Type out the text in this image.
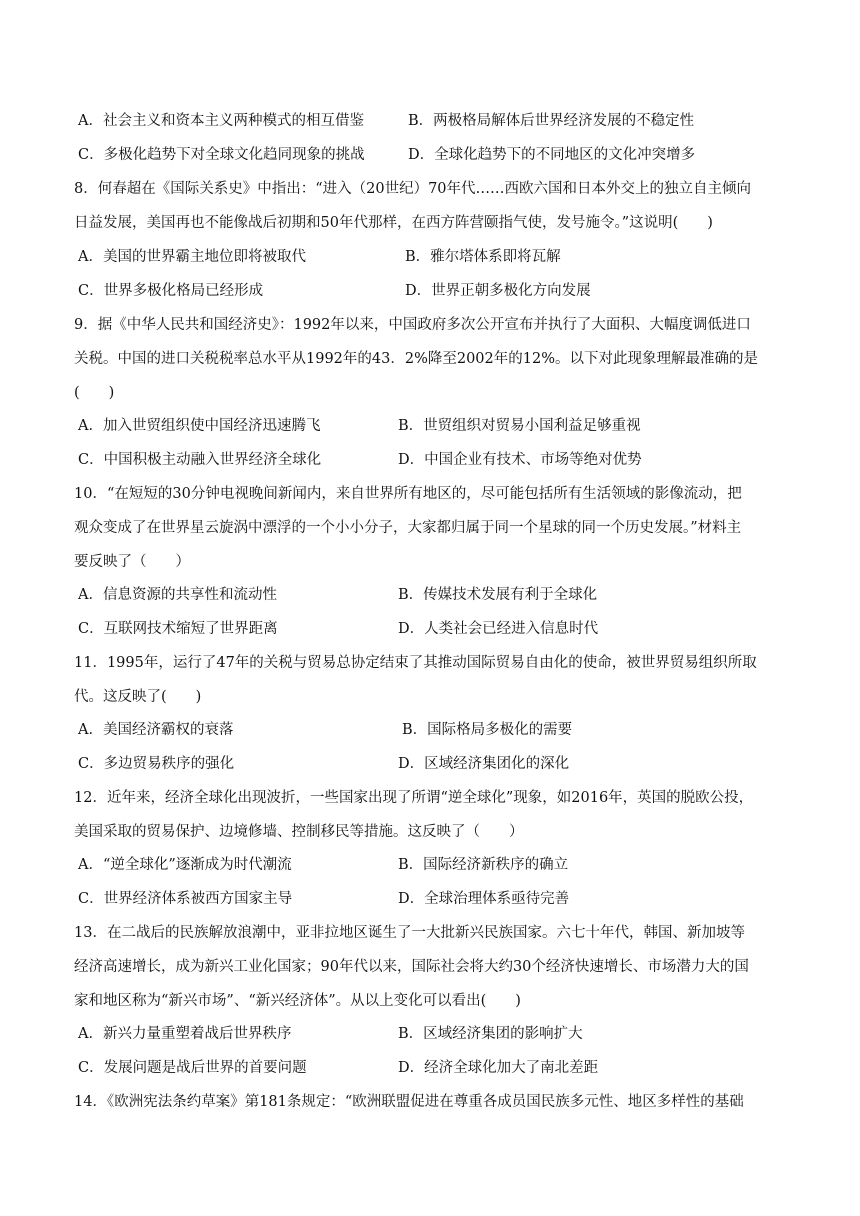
A．社会主义和资本主义两种模式的相互借鉴	B．两极格局解体后世界经济发展的不稳定性
C．多极化趋势下对全球文化趋同现象的挑战	D．全球化趋势下的不同地区的文化冲突增多
8．何春超在《国际关系史》中指出：“进入（20世纪）70年代……西欧六国和日本外交上的独立自主倾向
日益发展，美国再也不能像战后初期和50年代那样，在西方阵营颐指气使，发号施令。”这说明(　　)
A．美国的世界霸主地位即将被取代	B．雅尔塔体系即将瓦解
C．世界多极化格局已经形成	D．世界正朝多极化方向发展
9．据《中华人民共和国经济史》：1992年以来，中国政府多次公开宣布并执行了大面积、大幅度调低进口
关税。中国的进口关税税率总水平从1992年的43．2%降至2002年的12%。以下对此现象理解最准确的是
(　　)
A．加入世贸组织使中国经济迅速腾飞	B．世贸组织对贸易小国利益足够重视
C．中国积极主动融入世界经济全球化	D．中国企业有技术、市场等绝对优势
10．“在短短的30分钟电视晚间新闻内，来自世界所有地区的，尽可能包括所有生活领域的影像流动，把
观众变成了在世界星云旋涡中漂浮的一个小小分子，大家都归属于同一个星球的同一个历史发展。”材料主
要反映了（　　）
A．信息资源的共享性和流动性	B．传媒技术发展有利于全球化
C．互联网技术缩短了世界距离	D．人类社会已经进入信息时代
11．1995年，运行了47年的关税与贸易总协定结束了其推动国际贸易自由化的使命，被世界贸易组织所取
代。这反映了(　　)
A．美国经济霸权的衰落	B．国际格局多极化的需要
C．多边贸易秩序的强化	D．区域经济集团化的深化
12．近年来，经济全球化出现波折，一些国家出现了所谓“逆全球化”现象，如2016年，英国的脱欧公投，
美国采取的贸易保护、边境修墙、控制移民等措施。这反映了（　　）
A．“逆全球化”逐渐成为时代潮流	B．国际经济新秩序的确立
C．世界经济体系被西方国家主导	D．全球治理体系亟待完善
13．在二战后的民族解放浪潮中，亚非拉地区诞生了一大批新兴民族国家。六七十年代，韩国、新加坡等
经济高速增长，成为新兴工业化国家；90年代以来，国际社会将大约30个经济快速增长、市场潜力大的国
家和地区称为“新兴市场”、“新兴经济体”。从以上变化可以看出(　　)
A．新兴力量重塑着战后世界秩序	B．区域经济集团的影响扩大
C．发展问题是战后世界的首要问题	D．经济全球化加大了南北差距
14．《欧洲宪法条约草案》第181条规定：“欧洲联盟促进在尊重各成员国民族多元性、地区多样性的基础
